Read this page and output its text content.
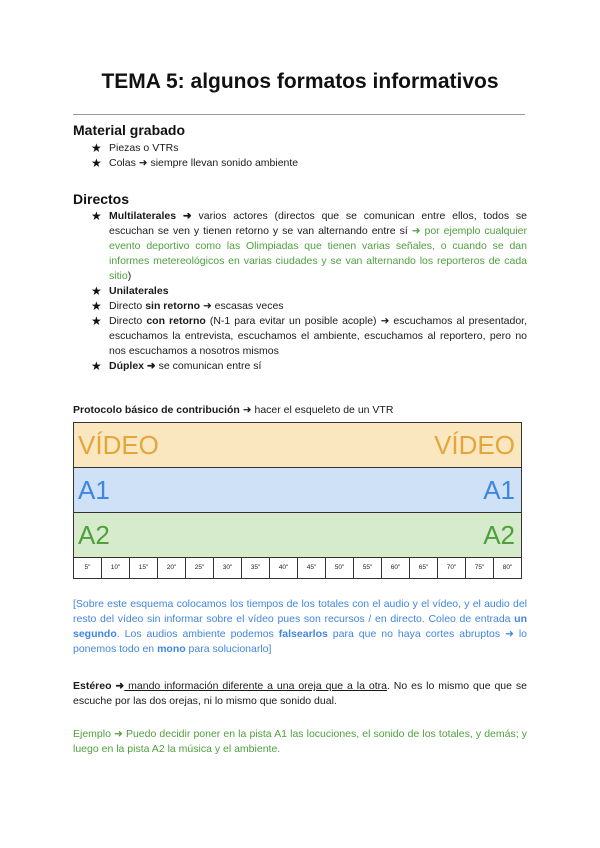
TEMA 5: algunos formatos informativos
Material grabado
★ Piezas o VTRs
★ Colas ➜ siempre llevan sonido ambiente
Directos
★ Multilaterales ➜ varios actores (directos que se comunican entre ellos, todos se escuchan se ven y tienen retorno y se van alternando entre sí ➜ por ejemplo cualquier evento deportivo como las Olimpiadas que tienen varias señales, o cuando se dan informes metereológicos en varias ciudades y se van alternando los reporteros de cada sitio)
★ Unilaterales
★ Directo sin retorno ➜ escasas veces
★ Directo con retorno (N-1 para evitar un posible acople) ➜ escuchamos al presentador, escuchamos la entrevista, escuchamos el ambiente, escuchamos al reportero, pero no nos escuchamos a nosotros mismos
★ Dúplex ➜ se comunican entre sí

Protocolo básico de contribución ➜ hacer el esqueleto de un VTR

VÍDEO	VÍDEO
A1	A1
A2	A2
5"	10"	15"	20"	25"	30"	35"	40"	45"	50"	55"	60"	65"	70"	75"	80"

[Sobre este esquema colocamos los tiempos de los totales con el audio y el vídeo, y el audio del resto del vídeo sin informar sobre el vídeo pues son recursos / en directo. Coleo de entrada un segundo. Los audios ambiente podemos falsearlos para que no haya cortes abruptos ➜ lo ponemos todo en mono para solucionarlo]

Estéreo ➜ mando información diferente a una oreja que a la otra. No es lo mismo que que se escuche por las dos orejas, ni lo mismo que sonido dual.

Ejemplo ➜ Puedo decidir poner en la pista A1 las locuciones, el sonido de los totales, y demás; y luego en la pista A2 la música y el ambiente.
